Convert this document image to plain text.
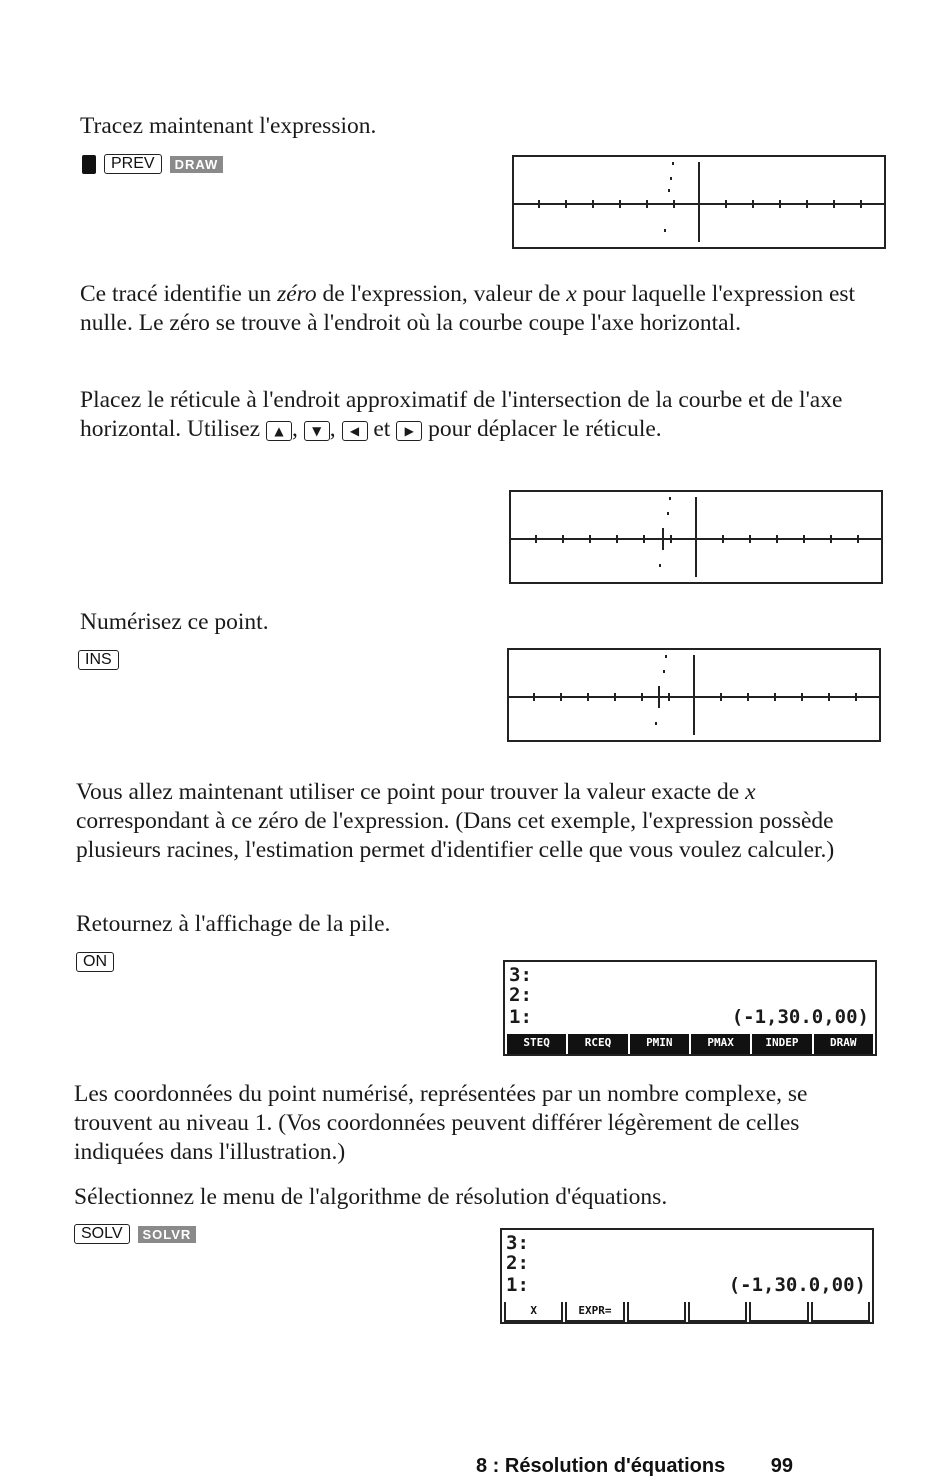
Tracez maintenant l'expression.

PREV	DRAW

Ce tracé identifie un zéro de l'expression, valeur de x pour laquelle l'expression est nulle. Le zéro se trouve à l'endroit où la courbe coupe l'axe horizontal.

Placez le réticule à l'endroit approximatif de l'intersection de la courbe et de l'axe horizontal. Utilisez ▲ , ▼ , ◀ et ▶ pour déplacer le réticule.

Numérisez ce point.

INS

Vous allez maintenant utiliser ce point pour trouver la valeur exacte de x correspondant à ce zéro de l'expression. (Dans cet exemple, l'expression possède plusieurs racines, l'estimation permet d'identifier celle que vous voulez calculer.)

Retournez à l'affichage de la pile.

ON
3:
2:
1:	(-1,30.0,00)
STEQ	RCEQ	PMIN	PMAX	INDEP	DRAW

Les coordonnées du point numérisé, représentées par un nombre complexe, se trouvent au niveau 1. (Vos coordonnées peuvent différer légèrement de celles indiquées dans l'illustration.)

Sélectionnez le menu de l'algorithme de résolution d'équations.

SOLV	SOLVR	3:
2:
1:	(-1,30.0,00)
X	EXPR=
8 : Résolution d'équations 99
